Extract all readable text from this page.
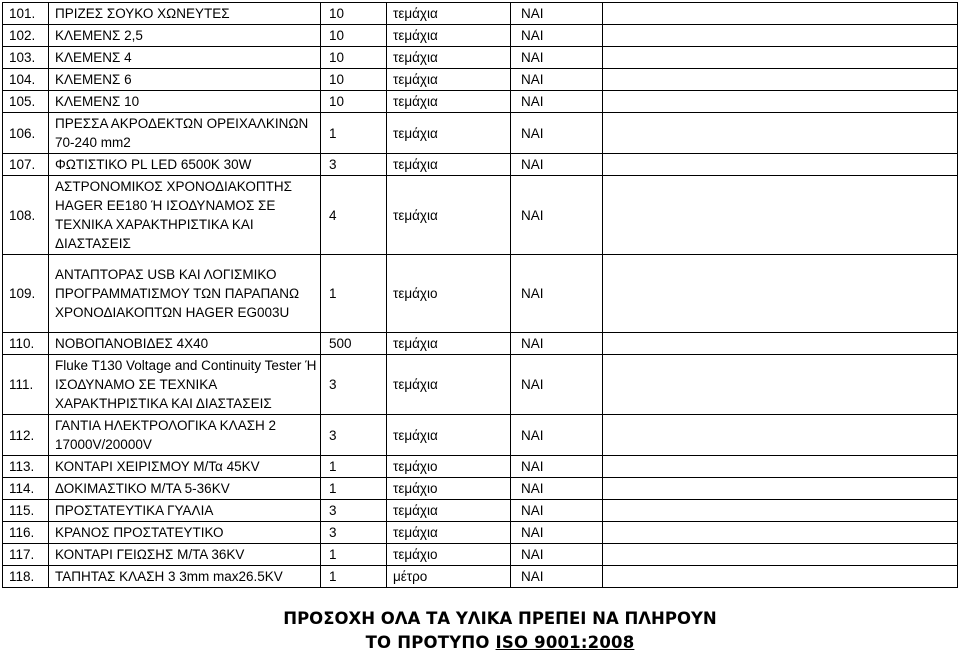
101.	ΠΡΙΖΕΣ ΣΟΥΚΟ ΧΩΝΕΥΤΕΣ	10	τεμάχια	ΝΑΙ	
102.	ΚΛΕΜΕΝΣ 2,5	10	τεμάχια	ΝΑΙ	
103.	ΚΛΕΜΕΝΣ 4	10	τεμάχια	ΝΑΙ	
104.	ΚΛΕΜΕΝΣ 6	10	τεμάχια	ΝΑΙ	
105.	ΚΛΕΜΕΝΣ 10	10	τεμάχια	ΝΑΙ	
106.	ΠΡΕΣΣΑ ΑΚΡΟΔΕΚΤΩΝ ΟΡΕΙΧΑΛΚΙΝΩΝ 70-240 mm2	1	τεμάχια	ΝΑΙ	
107.	ΦΩΤΙΣΤΙΚΟ PL LED 6500K 30W	3	τεμάχια	ΝΑΙ	
108.	ΑΣΤΡΟΝΟΜΙΚΟΣ ΧΡΟΝΟΔΙΑΚΟΠΤΗΣ HAGER EE180 Ή ΙΣΟΔΥΝΑΜΟΣ ΣΕ ΤΕΧΝΙΚΑ ΧΑΡΑΚΤΗΡΙΣΤΙΚΑ ΚΑΙ ΔΙΑΣΤΑΣΕΙΣ	4	τεμάχια	ΝΑΙ	
109.	ΑΝΤΑΠΤΟΡΑΣ USB ΚΑΙ ΛΟΓΙΣΜΙΚΟ ΠΡΟΓΡΑΜΜΑΤΙΣΜΟΥ ΤΩΝ ΠΑΡΑΠΑΝΩ ΧΡΟΝΟΔΙΑΚΟΠΤΩΝ HAGER EG003U	1	τεμάχιο	ΝΑΙ	
110.	ΝΟΒΟΠΑΝΟΒΙΔΕΣ 4Χ40	500	τεμάχια	ΝΑΙ	
111.	Fluke T130 Voltage and Continuity Tester Ή ΙΣΟΔΥΝΑΜΟ ΣΕ ΤΕΧΝΙΚΑ ΧΑΡΑΚΤΗΡΙΣΤΙΚΑ ΚΑΙ ΔΙΑΣΤΑΣΕΙΣ	3	τεμάχια	ΝΑΙ	
112.	ΓΑΝΤΙΑ ΗΛΕΚΤΡΟΛΟΓΙΚΑ ΚΛΑΣΗ 2 17000V/20000V	3	τεμάχια	ΝΑΙ	
113.	ΚΟΝΤΑΡΙ ΧΕΙΡΙΣΜΟΥ Μ/Τα 45KV	1	τεμάχιο	ΝΑΙ	
114.	ΔΟΚΙΜΑΣΤΙΚΟ Μ/ΤΑ 5-36KV	1	τεμάχιο	ΝΑΙ	
115.	ΠΡΟΣΤΑΤΕΥΤΙΚΑ ΓΥΑΛΙΑ	3	τεμάχια	ΝΑΙ	
116.	ΚΡΑΝΟΣ ΠΡΟΣΤΑΤΕΥΤΙΚΟ	3	τεμάχια	ΝΑΙ	
117.	ΚΟΝΤΑΡΙ ΓΕΙΩΣΗΣ Μ/ΤΑ 36KV	1	τεμάχιο	ΝΑΙ	
118.	ΤΑΠΗΤΑΣ ΚΛΑΣΗ 3 3mm max26.5KV	1	μέτρο	ΝΑΙ	
ΠΡΟΣΟΧΗ ΟΛΑ ΤΑ ΥΛΙΚΑ ΠΡΕΠΕΙ ΝΑ ΠΛΗΡΟΥΝ
ΤΟ ΠΡΟΤΥΠΟ ISO 9001:2008
